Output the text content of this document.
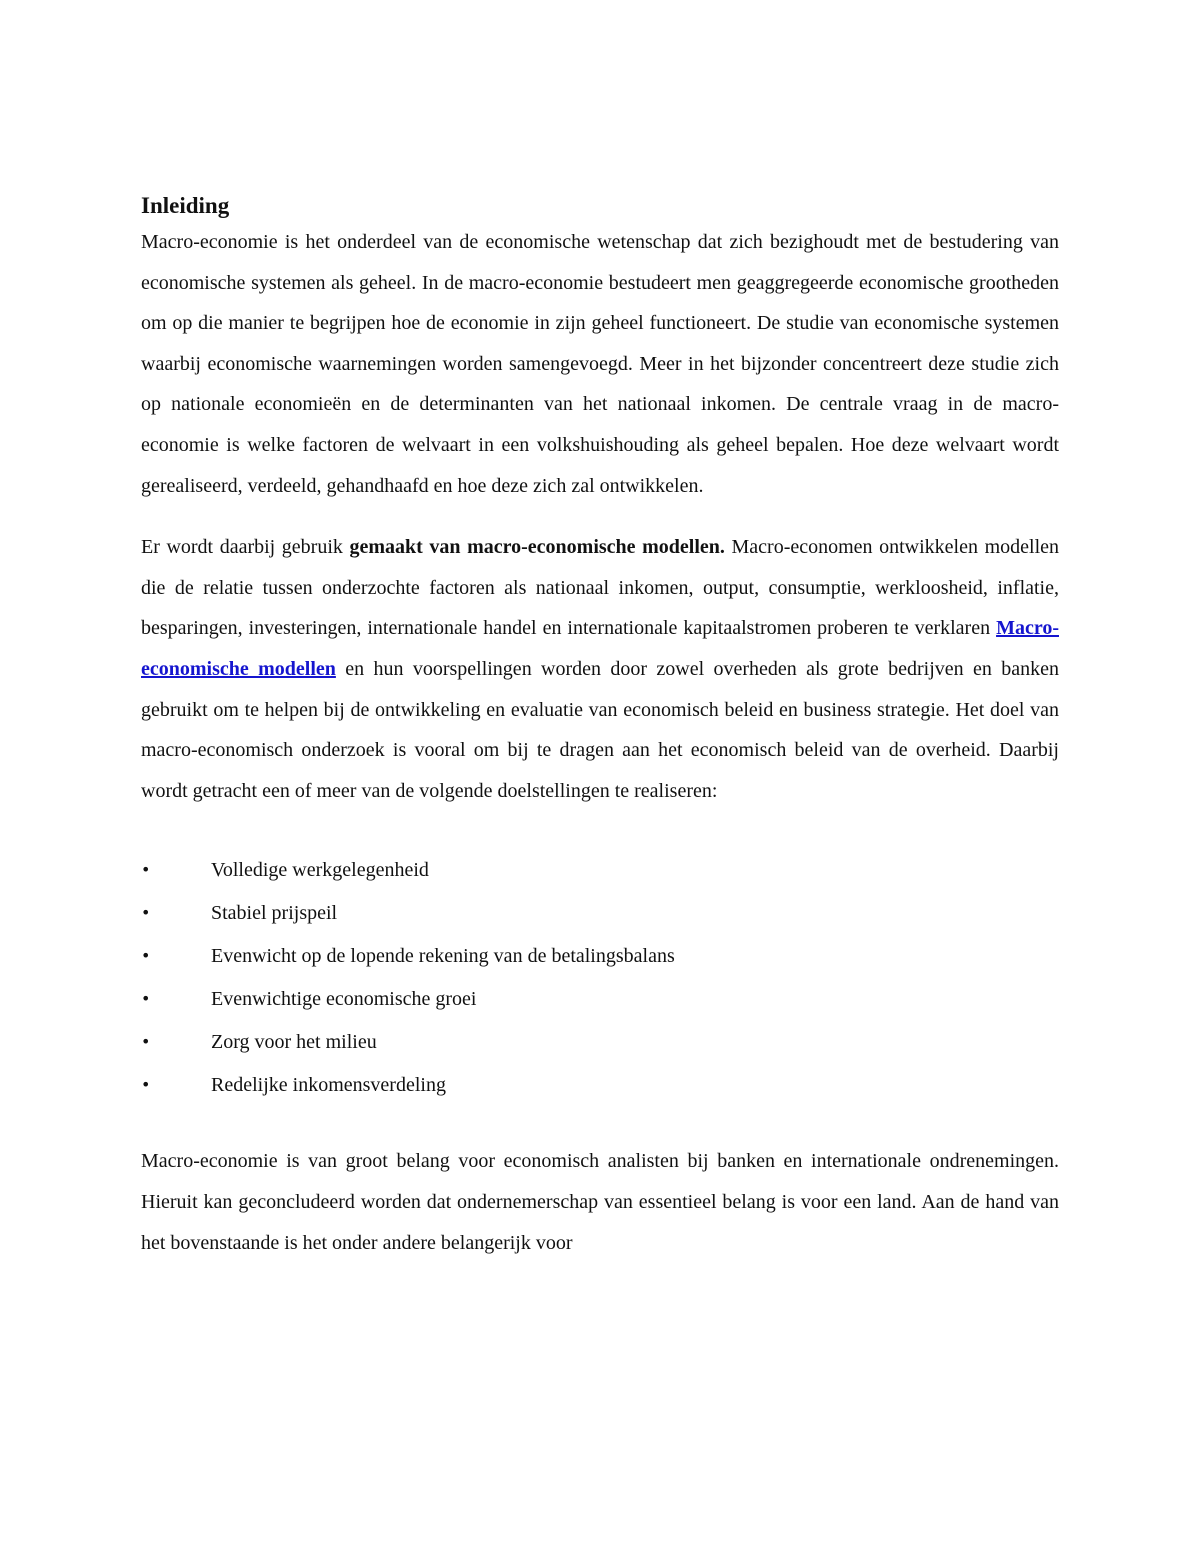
Inleiding

Macro-economie is het onderdeel van de economische wetenschap dat zich bezighoudt met de bestudering van economische systemen als geheel. In de macro-economie bestudeert men geaggregeerde economische grootheden om op die manier te begrijpen hoe de economie in zijn geheel functioneert. De studie van economische systemen waarbij economische waarnemingen worden samengevoegd. Meer in het bijzonder concentreert deze studie zich op nationale economieën en de determinanten van het nationaal inkomen. De centrale vraag in de macro-economie is welke factoren de welvaart in een volkshuishouding als geheel bepalen. Hoe deze welvaart wordt gerealiseerd, verdeeld, gehandhaafd en hoe deze zich zal ontwikkelen.

Er wordt daarbij gebruik gemaakt van macro-economische modellen. Macro-economen ontwikkelen modellen die de relatie tussen onderzochte factoren als nationaal inkomen, output, consumptie, werkloosheid, inflatie, besparingen, investeringen, internationale handel en internationale kapitaalstromen proberen te verklaren Macro-economische modellen en hun voorspellingen worden door zowel overheden als grote bedrijven en banken gebruikt om te helpen bij de ontwikkeling en evaluatie van economisch beleid en business strategie. Het doel van macro-economisch onderzoek is vooral om bij te dragen aan het economisch beleid van de overheid. Daarbij wordt getracht een of meer van de volgende doelstellingen te realiseren:

•	Volledige werkgelegenheid
•	Stabiel prijspeil
•	Evenwicht op de lopende rekening van de betalingsbalans
•	Evenwichtige economische groei
•	Zorg voor het milieu
•	Redelijke inkomensverdeling

Macro-economie is van groot belang voor economisch analisten bij banken en internationale ondrenemingen. Hieruit kan geconcludeerd worden dat ondernemerschap van essentieel belang is voor een land. Aan de hand van het bovenstaande is het onder andere belangerijk voor
